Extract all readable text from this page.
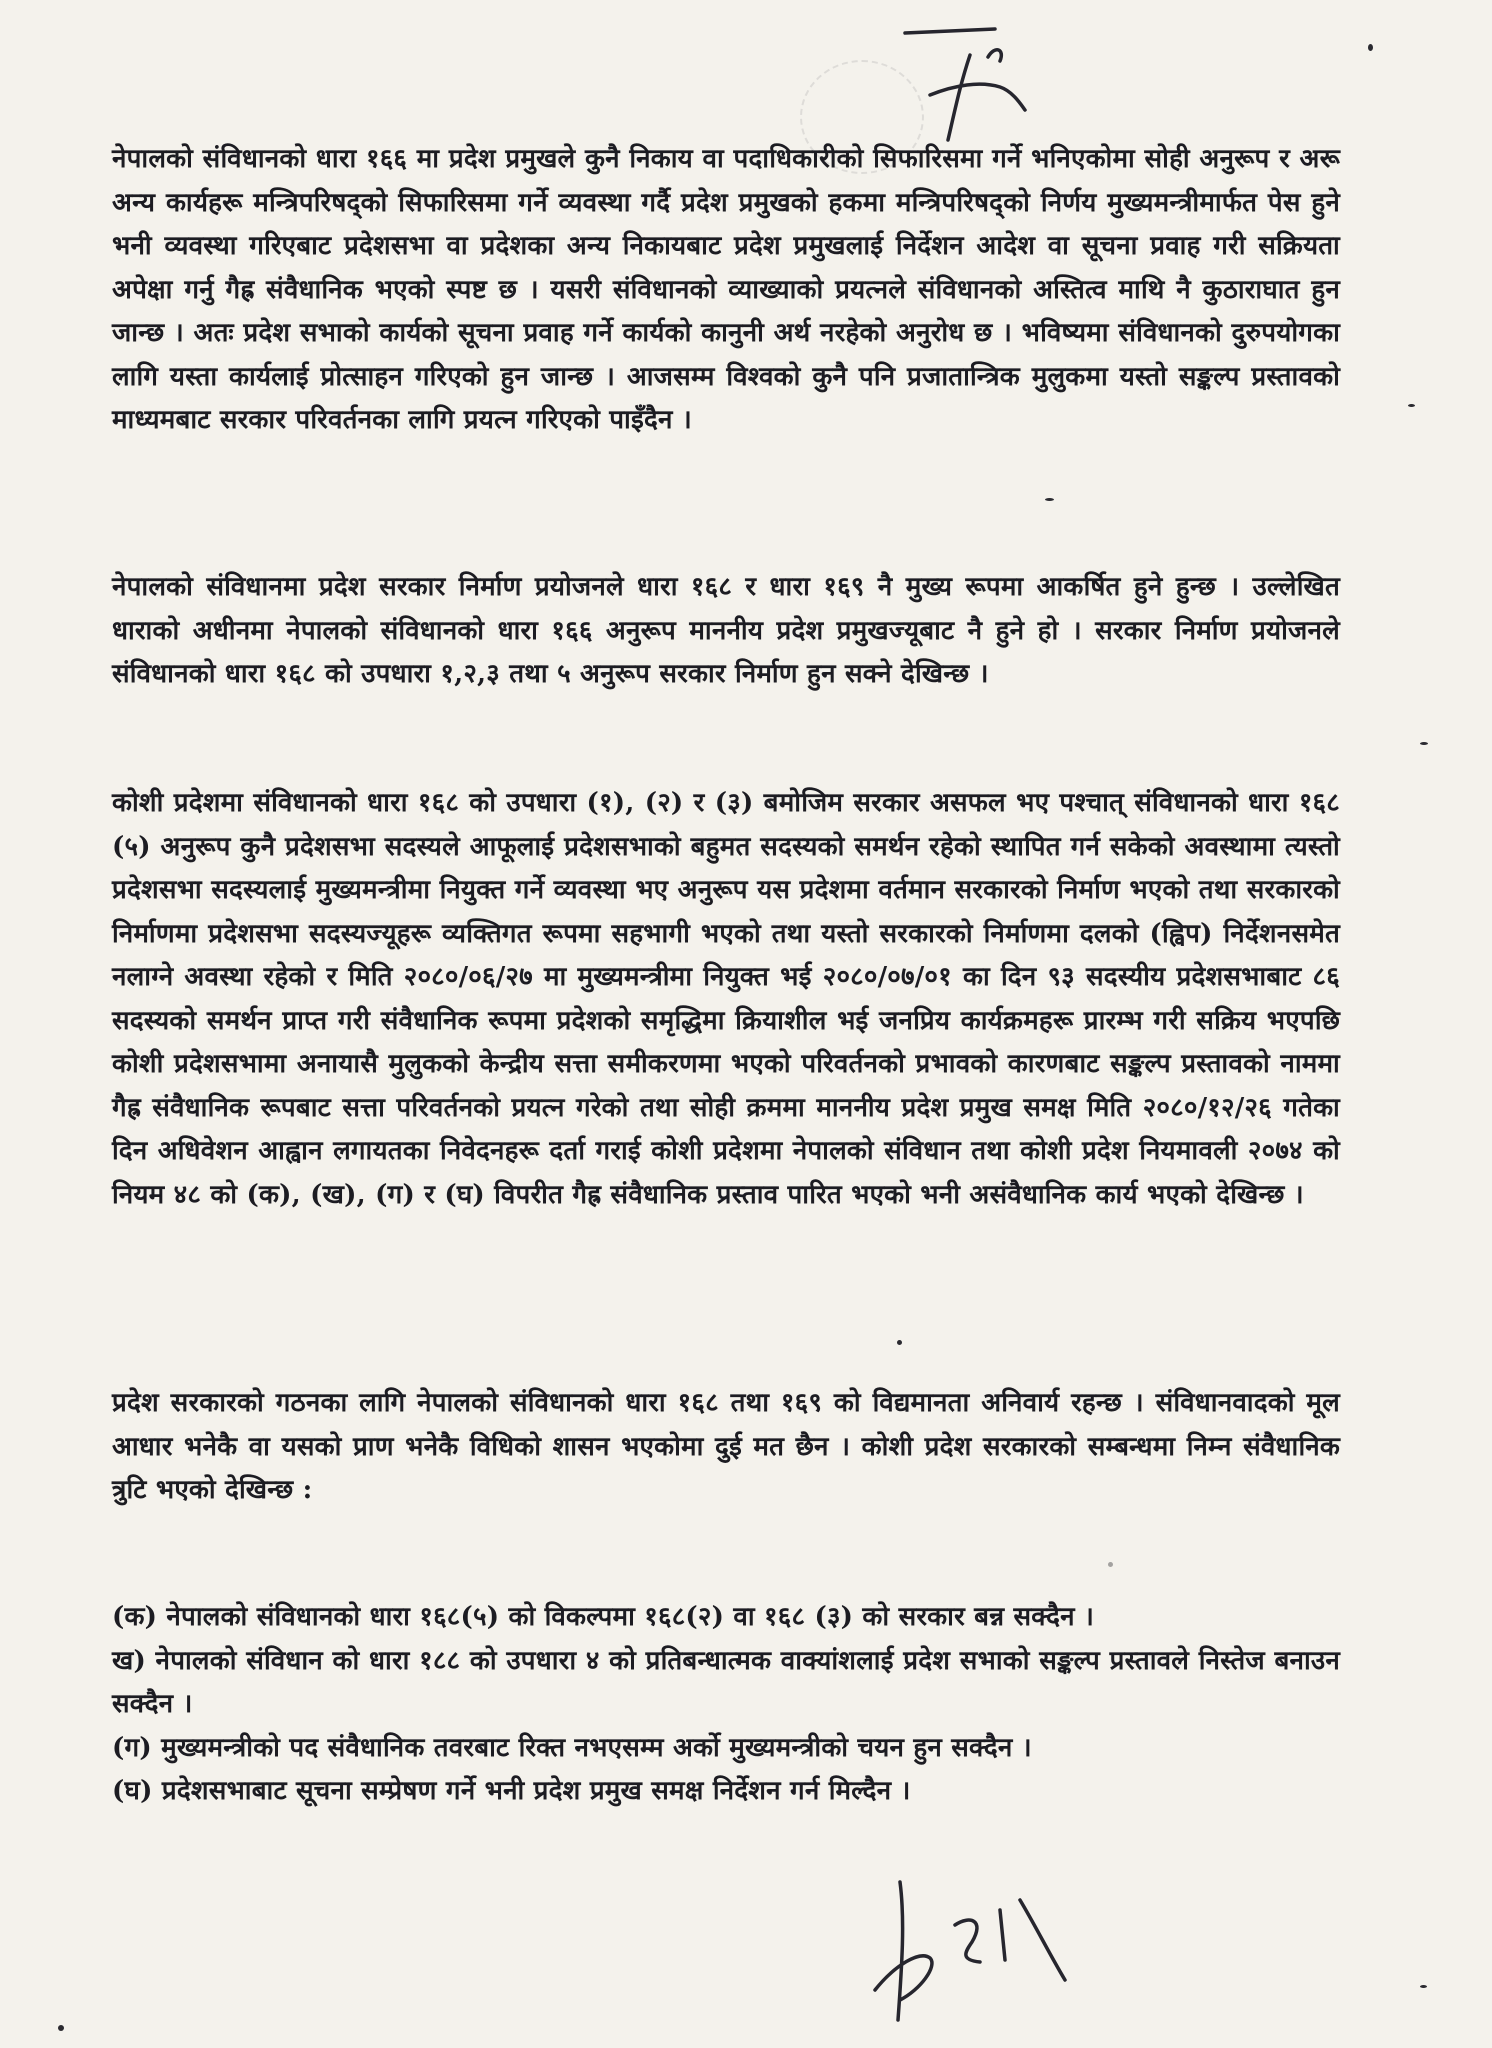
नेपालको संविधानको धारा १६६ मा प्रदेश प्रमुखले कुनै निकाय वा पदाधिकारीको सिफारिसमा गर्ने भनिएकोमा सोही अनुरूप र अरू अन्य कार्यहरू मन्त्रिपरिषद्को सिफारिसमा गर्ने व्यवस्था गर्दै प्रदेश प्रमुखको हकमा मन्त्रिपरिषद्को निर्णय मुख्यमन्त्रीमार्फत पेस हुने भनी व्यवस्था गरिएबाट प्रदेशसभा वा प्रदेशका अन्य निकायबाट प्रदेश प्रमुखलाई निर्देशन आदेश वा सूचना प्रवाह गरी सक्रियता अपेक्षा गर्नु गैह्र संवैधानिक भएको स्पष्ट छ । यसरी संविधानको व्याख्याको प्रयत्नले संविधानको अस्तित्व माथि नै कुठाराघात हुन जान्छ । अतः प्रदेश सभाको कार्यको सूचना प्रवाह गर्ने कार्यको कानुनी अर्थ नरहेको अनुरोध छ । भविष्यमा संविधानको दुरुपयोगका लागि यस्ता कार्यलाई प्रोत्साहन गरिएको हुन जान्छ । आजसम्म विश्वको कुनै पनि प्रजातान्त्रिक मुलुकमा यस्तो सङ्कल्प प्रस्तावको माध्यमबाट सरकार परिवर्तनका लागि प्रयत्न गरिएको पाइँदैन ।

नेपालको संविधानमा प्रदेश सरकार निर्माण प्रयोजनले धारा १६८ र धारा १६९ नै मुख्य रूपमा आकर्षित हुने हुन्छ । उल्लेखित धाराको अधीनमा नेपालको संविधानको धारा १६६ अनुरूप माननीय प्रदेश प्रमुखज्यूबाट नै हुने हो । सरकार निर्माण प्रयोजनले संविधानको धारा १६८ को उपधारा १,२,३ तथा ५ अनुरूप सरकार निर्माण हुन सक्ने देखिन्छ ।

कोशी प्रदेशमा संविधानको धारा १६८ को उपधारा (१), (२) र (३) बमोजिम सरकार असफल भए पश्चात् संविधानको धारा १६८ (५) अनुरूप कुनै प्रदेशसभा सदस्यले आफूलाई प्रदेशसभाको बहुमत सदस्यको समर्थन रहेको स्थापित गर्न सकेको अवस्थामा त्यस्तो प्रदेशसभा सदस्यलाई मुख्यमन्त्रीमा नियुक्त गर्ने व्यवस्था भए अनुरूप यस प्रदेशमा वर्तमान सरकारको निर्माण भएको तथा सरकारको निर्माणमा प्रदेशसभा सदस्यज्यूहरू व्यक्तिगत रूपमा सहभागी भएको तथा यस्तो सरकारको निर्माणमा दलको (ह्विप) निर्देशनसमेत नलाग्ने अवस्था रहेको र मिति २०८०/०६/२७ मा मुख्यमन्त्रीमा नियुक्त भई २०८०/०७/०१ का दिन ९३ सदस्यीय प्रदेशसभाबाट ८६ सदस्यको समर्थन प्राप्त गरी संवैधानिक रूपमा प्रदेशको समृद्धिमा क्रियाशील भई जनप्रिय कार्यक्रमहरू प्रारम्भ गरी सक्रिय भएपछि कोशी प्रदेशसभामा अनायासै मुलुकको केन्द्रीय सत्ता समीकरणमा भएको परिवर्तनको प्रभावको कारणबाट सङ्कल्प प्रस्तावको नाममा गैह्र संवैधानिक रूपबाट सत्ता परिवर्तनको प्रयत्न गरेको तथा सोही क्रममा माननीय प्रदेश प्रमुख समक्ष मिति २०८०/१२/२६ गतेका दिन अधिवेशन आह्वान लगायतका निवेदनहरू दर्ता गराई कोशी प्रदेशमा नेपालको संविधान तथा कोशी प्रदेश नियमावली २०७४ को नियम ४८ को (क), (ख), (ग) र (घ) विपरीत गैह्र संवैधानिक प्रस्ताव पारित भएको भनी असंवैधानिक कार्य भएको देखिन्छ ।

प्रदेश सरकारको गठनका लागि नेपालको संविधानको धारा १६८ तथा १६९ को विद्यमानता अनिवार्य रहन्छ । संविधानवादको मूल आधार भनेकै वा यसको प्राण भनेकै विधिको शासन भएकोमा दुई मत छैन । कोशी प्रदेश सरकारको सम्बन्धमा निम्न संवैधानिक त्रुटि भएको देखिन्छ :

(क) नेपालको संविधानको धारा १६८(५) को विकल्पमा १६८(२) वा १६८ (३) को सरकार बन्न सक्दैन ।

ख) नेपालको संविधान को धारा १८८ को उपधारा ४ को प्रतिबन्धात्मक वाक्यांशलाई प्रदेश सभाको सङ्कल्प प्रस्तावले निस्तेज बनाउन सक्दैन ।

(ग) मुख्यमन्त्रीको पद संवैधानिक तवरबाट रिक्त नभएसम्म अर्को मुख्यमन्त्रीको चयन हुन सक्दैन ।

(घ) प्रदेशसभाबाट सूचना सम्प्रेषण गर्ने भनी प्रदेश प्रमुख समक्ष निर्देशन गर्न मिल्दैन ।
